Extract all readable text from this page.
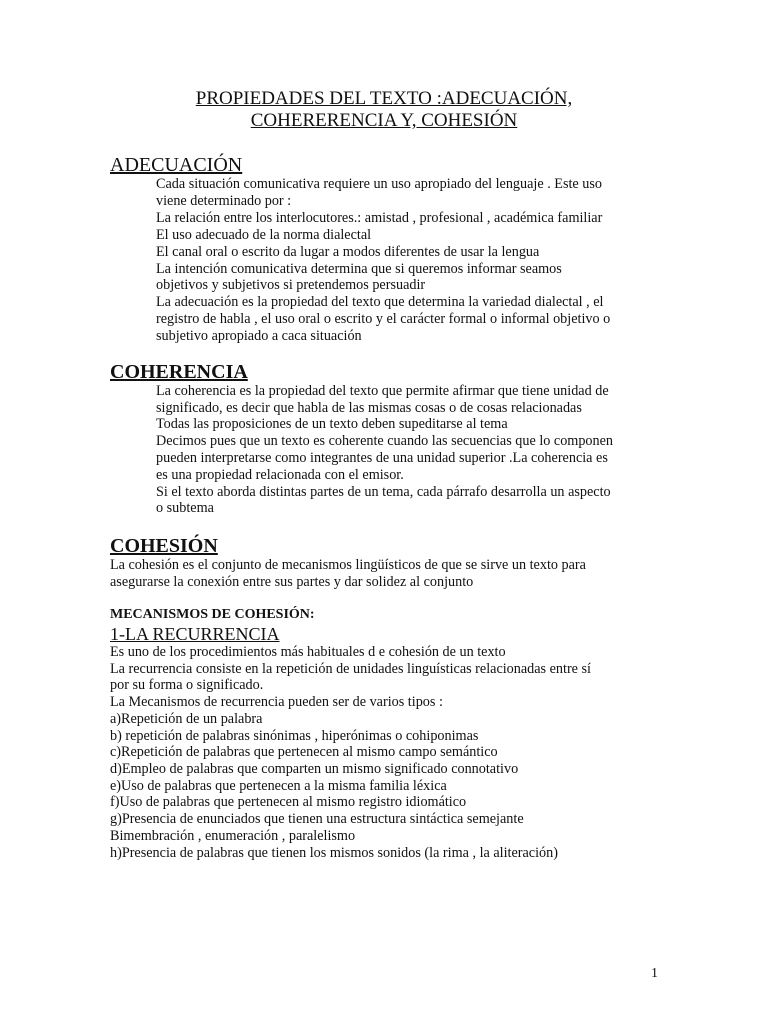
PROPIEDADES DEL TEXTO :ADECUACIÓN,
COHERERENCIA Y, COHESIÓN
ADECUACIÓN
Cada situación comunicativa requiere un uso apropiado del lenguaje . Este uso
viene determinado por :
La relación entre los interlocutores.: amistad , profesional , académica familiar
El uso adecuado de la norma dialectal
El canal oral o escrito da lugar a modos diferentes de usar la lengua
La intención comunicativa determina que si queremos informar seamos
objetivos y subjetivos si pretendemos persuadir
La adecuación es la propiedad del texto que determina la variedad dialectal , el
registro de habla , el uso oral o escrito y el carácter formal o informal objetivo o
subjetivo apropiado a caca situación
COHERENCIA
La coherencia es la propiedad del texto que permite afirmar que tiene unidad de
significado, es decir que habla de las mismas cosas o de cosas relacionadas
Todas las proposiciones de un texto deben supeditarse al tema
Decimos pues que un texto es coherente cuando las secuencias que lo componen
pueden interpretarse como integrantes de una unidad superior .La coherencia es
es una propiedad relacionada con el emisor.
Si el texto aborda distintas partes de un tema, cada párrafo desarrolla un aspecto
o subtema
COHESIÓN
La cohesión es el conjunto de mecanismos lingüísticos de que se sirve un texto para
asegurarse la conexión entre sus partes y dar solidez al conjunto
MECANISMOS DE COHESIÓN:
1-LA RECURRENCIA
Es uno de los procedimientos más habituales d e cohesión de un texto
La recurrencia consiste en la repetición de unidades linguísticas relacionadas entre sí
por su forma o significado.
La Mecanismos de recurrencia pueden ser de varios tipos :
a)Repetición de un palabra
b) repetición de palabras sinónimas , hiperónimas o cohiponimas
c)Repetición de palabras que pertenecen al mismo campo semántico
d)Empleo de palabras que comparten un mismo significado connotativo
e)Uso de palabras que pertenecen a la misma familia léxica
f)Uso de palabras que pertenecen al mismo registro idiomático
g)Presencia de enunciados que tienen una estructura sintáctica semejante
Bimembración , enumeración , paralelismo
h)Presencia de palabras que tienen los mismos sonidos (la rima , la aliteración)
1
